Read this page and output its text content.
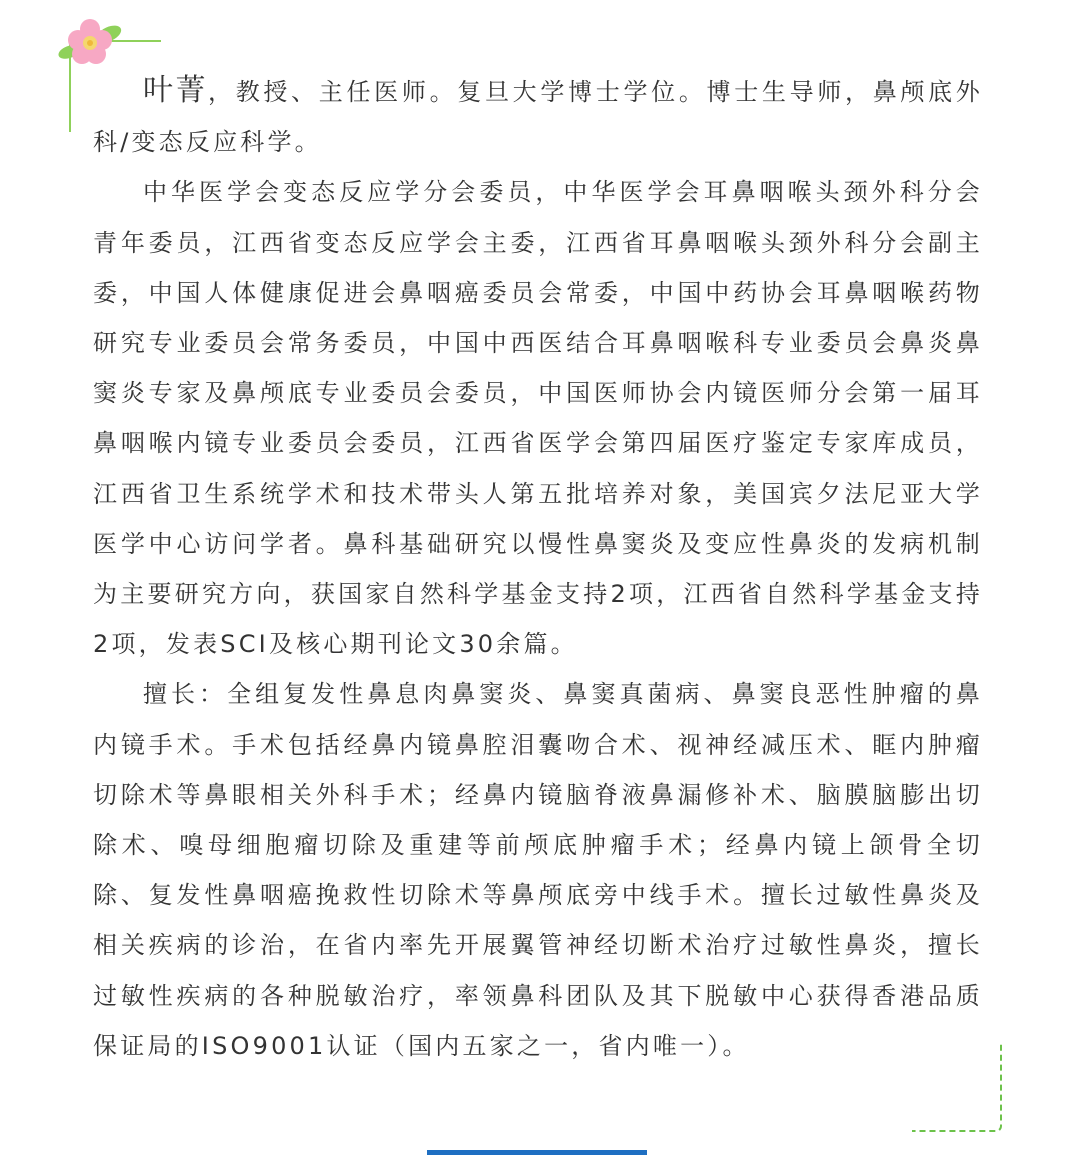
叶菁，教授、主任医师。复旦大学博士学位。博士生导师，鼻颅底外科/变态反应科学。

中华医学会变态反应学分会委员，中华医学会耳鼻咽喉头颈外科分会青年委员，江西省变态反应学会主委，江西省耳鼻咽喉头颈外科分会副主委，中国人体健康促进会鼻咽癌委员会常委，中国中药协会耳鼻咽喉药物研究专业委员会常务委员，中国中西医结合耳鼻咽喉科专业委员会鼻炎鼻窦炎专家及鼻颅底专业委员会委员，中国医师协会内镜医师分会第一届耳鼻咽喉内镜专业委员会委员，江西省医学会第四届医疗鉴定专家库成员，江西省卫生系统学术和技术带头人第五批培养对象，美国宾夕法尼亚大学医学中心访问学者。鼻科基础研究以慢性鼻窦炎及变应性鼻炎的发病机制为主要研究方向，获国家自然科学基金支持2项，江西省自然科学基金支持2项，发表SCI及核心期刊论文30余篇。

擅长：全组复发性鼻息肉鼻窦炎、鼻窦真菌病、鼻窦良恶性肿瘤的鼻内镜手术。手术包括经鼻内镜鼻腔泪囊吻合术、视神经减压术、眶内肿瘤切除术等鼻眼相关外科手术；经鼻内镜脑脊液鼻漏修补术、脑膜脑膨出切除术、嗅母细胞瘤切除及重建等前颅底肿瘤手术；经鼻内镜上颌骨全切除、复发性鼻咽癌挽救性切除术等鼻颅底旁中线手术。擅长过敏性鼻炎及相关疾病的诊治，在省内率先开展翼管神经切断术治疗过敏性鼻炎，擅长过敏性疾病的各种脱敏治疗，率领鼻科团队及其下脱敏中心获得香港品质保证局的ISO9001认证（国内五家之一，省内唯一）。
